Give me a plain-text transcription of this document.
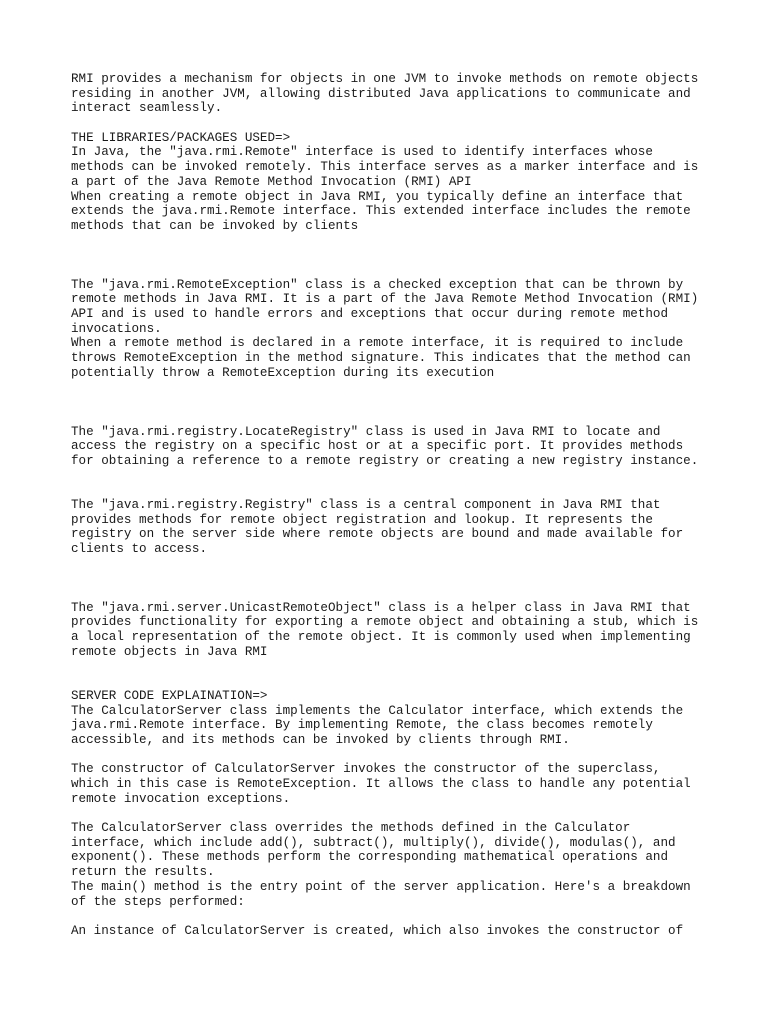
RMI provides a mechanism for objects in one JVM to invoke methods on remote objects
residing in another JVM, allowing distributed Java applications to communicate and
interact seamlessly.
THE LIBRARIES/PACKAGES USED=>
In Java, the "java.rmi.Remote" interface is used to identify interfaces whose
methods can be invoked remotely. This interface serves as a marker interface and is
a part of the Java Remote Method Invocation (RMI) API
When creating a remote object in Java RMI, you typically define an interface that
extends the java.rmi.Remote interface. This extended interface includes the remote
methods that can be invoked by clients
The "java.rmi.RemoteException" class is a checked exception that can be thrown by
remote methods in Java RMI. It is a part of the Java Remote Method Invocation (RMI)
API and is used to handle errors and exceptions that occur during remote method
invocations.
When a remote method is declared in a remote interface, it is required to include
throws RemoteException in the method signature. This indicates that the method can
potentially throw a RemoteException during its execution
The "java.rmi.registry.LocateRegistry" class is used in Java RMI to locate and
access the registry on a specific host or at a specific port. It provides methods
for obtaining a reference to a remote registry or creating a new registry instance.
The "java.rmi.registry.Registry" class is a central component in Java RMI that
provides methods for remote object registration and lookup. It represents the
registry on the server side where remote objects are bound and made available for
clients to access.
The "java.rmi.server.UnicastRemoteObject" class is a helper class in Java RMI that
provides functionality for exporting a remote object and obtaining a stub, which is
a local representation of the remote object. It is commonly used when implementing
remote objects in Java RMI
SERVER CODE EXPLAINATION=>
The CalculatorServer class implements the Calculator interface, which extends the
java.rmi.Remote interface. By implementing Remote, the class becomes remotely
accessible, and its methods can be invoked by clients through RMI.
The constructor of CalculatorServer invokes the constructor of the superclass,
which in this case is RemoteException. It allows the class to handle any potential
remote invocation exceptions.
The CalculatorServer class overrides the methods defined in the Calculator
interface, which include add(), subtract(), multiply(), divide(), modulas(), and
exponent(). These methods perform the corresponding mathematical operations and
return the results.
The main() method is the entry point of the server application. Here's a breakdown
of the steps performed:
An instance of CalculatorServer is created, which also invokes the constructor of
